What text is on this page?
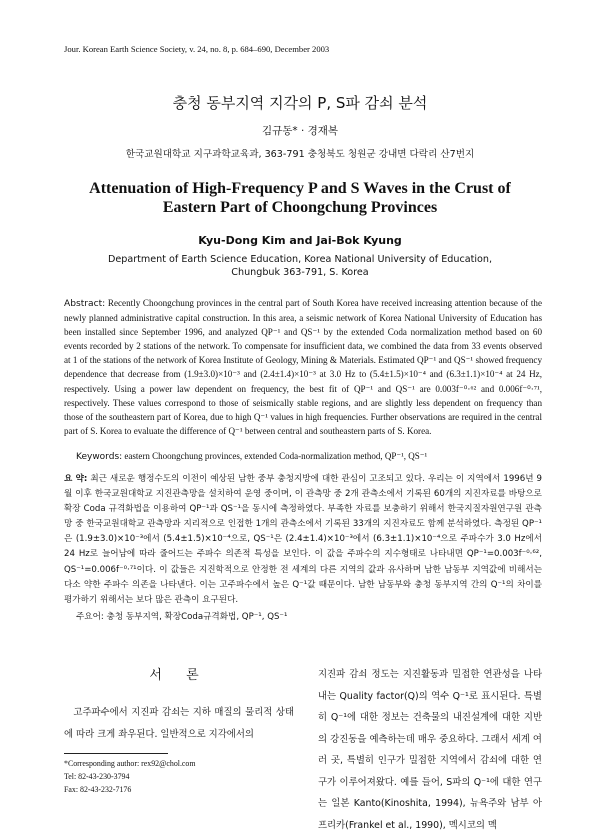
Jour. Korean Earth Science Society, v. 24, no. 8, p. 684–690, December 2003
충청 동부지역 지각의 P, S파 감쇠 분석
김규동* · 경재복
한국교원대학교 지구과학교육과, 363-791 충청북도 청원군 강내면 다락리 산7번지
Attenuation of High-Frequency P and S Waves in the Crust of
Eastern Part of Choongchung Provinces
Kyu-Dong Kim and Jai-Bok Kyung
Department of Earth Science Education, Korea National University of Education,
Chungbuk 363-791, S. Korea
Abstract: Recently Choongchung provinces in the central part of South Korea have received increasing attention because of the newly planned administrative capital construction. In this area, a seismic network of Korea National University of Education has been installed since September 1996, and analyzed QP⁻¹ and QS⁻¹ by the extended Coda normalization method based on 60 events recorded by 2 stations of the network. To compensate for insufficient data, we combined the data from 33 events observed at 1 of the stations of the network of Korea Institute of Geology, Mining & Materials. Estimated QP⁻¹ and QS⁻¹ showed frequency dependence that decrease from (1.9±3.0)×10⁻³ and (2.4±1.4)×10⁻³ at 3.0 Hz to (5.4±1.5)×10⁻⁴ and (6.3±1.1)×10⁻⁴ at 24 Hz, respectively. Using a power law dependent on frequency, the best fit of QP⁻¹ and QS⁻¹ are 0.003f⁻⁰·⁶² and 0.006f⁻⁰·⁷¹, respectively. These values correspond to those of seismically stable regions, and are slightly less dependent on frequency than those of the southeastern part of Korea, due to high Q⁻¹ values in high frequencies. Further observations are required in the central part of S. Korea to evaluate the difference of Q⁻¹ between central and southeastern parts of S. Korea.
Keywords: eastern Choongchung provinces, extended Coda-normalization method, QP⁻¹, QS⁻¹
요 약: 최근 새로운 행정수도의 이전이 예상된 남한 중부 충청지방에 대한 관심이 고조되고 있다. 우리는 이 지역에서 1996년 9월 이후 한국교원대학교 지진관측망을 설치하여 운영 중이며, 이 관측망 중 2개 관측소에서 기록된 60개의 지진자료를 바탕으로 확장 Coda 규격화법을 이용하여 QP⁻¹과 QS⁻¹을 동시에 측정하였다. 부족한 자료를 보충하기 위해서 한국지질자원연구원 관측망 중 한국교원대학교 관측망과 지리적으로 인접한 1개의 관측소에서 기록된 33개의 지진자료도 함께 분석하였다. 측정된 QP⁻¹은 (1.9±3.0)×10⁻³에서 (5.4±1.5)×10⁻⁴으로, QS⁻¹은 (2.4±1.4)×10⁻³에서 (6.3±1.1)×10⁻⁴으로 주파수가 3.0 Hz에서 24 Hz로 늘어남에 따라 줄어드는 주파수 의존적 특성을 보인다. 이 값을 주파수의 지수형태로 나타내면 QP⁻¹=0.003f⁻⁰·⁶², QS⁻¹=0.006f⁻⁰·⁷¹이다. 이 값들은 지진학적으로 안정한 전 세계의 다른 지역의 값과 유사하며 남한 남동부 지역값에 비해서는 다소 약한 주파수 의존을 나타낸다. 이는 고주파수에서 높은 Q⁻¹값 때문이다. 남한 남동부와 충청 동부지역 간의 Q⁻¹의 차이를 평가하기 위해서는 보다 많은 관측이 요구된다.
주요어: 충청 동부지역, 확장Coda규격화법, QP⁻¹, QS⁻¹
서 론
고주파수에서 지진파 감쇠는 지하 매질의 물리적 상태에 따라 크게 좌우된다. 일반적으로 지각에서의
*Corresponding author: rex92@chol.com
Tel: 82-43-230-3794
Fax: 82-43-232-7176
지진파 감쇠 정도는 지진활동과 밀접한 연관성을 나타내는 Quality factor(Q)의 역수 Q⁻¹로 표시된다. 특별히 Q⁻¹에 대한 정보는 건축물의 내진설계에 대한 지반의 강진동을 예측하는데 매우 중요하다. 그래서 세계 여러 곳, 특별히 인구가 밀접한 지역에서 감쇠에 대한 연구가 이루어져왔다. 예를 들어, S파의 Q⁻¹에 대한 연구는 일본 Kanto(Kinoshita, 1994), 뉴욕주와 남부 아프리카(Frankel et al., 1990), 멕시코의 멕
